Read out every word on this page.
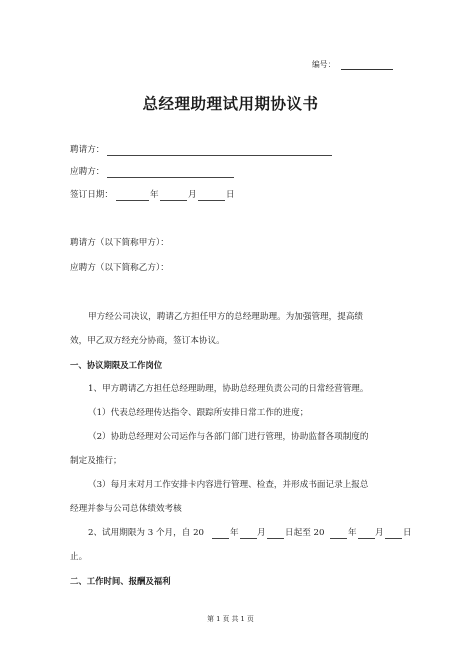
编号：
总经理助理试用期协议书
聘请方：
应聘方：
签订日期：	年	月	日
聘请方（以下简称甲方）：
应聘方（以下简称乙方）：
甲方经公司决议，聘请乙方担任甲方的总经理助理。为加强管理，提高绩
效，甲乙双方经充分协商，签订本协议。
一、协议期限及工作岗位
1、甲方聘请乙方担任总经理助理，协助总经理负责公司的日常经营管理。
（1）代表总经理传达指令、跟踪所安排日常工作的进度；
（2）协助总经理对公司运作与各部门部门进行管理，协助监督各项制度的
制定及推行；
（3）每月末对月工作安排卡内容进行管理、检查，并形成书面记录上报总
经理并参与公司总体绩效考核
2、试用期限为 3 个月，自 20	年 月 日起至 20	年 月 日
止。
二、工作时间、报酬及福利
第 1 页 共 1 页
